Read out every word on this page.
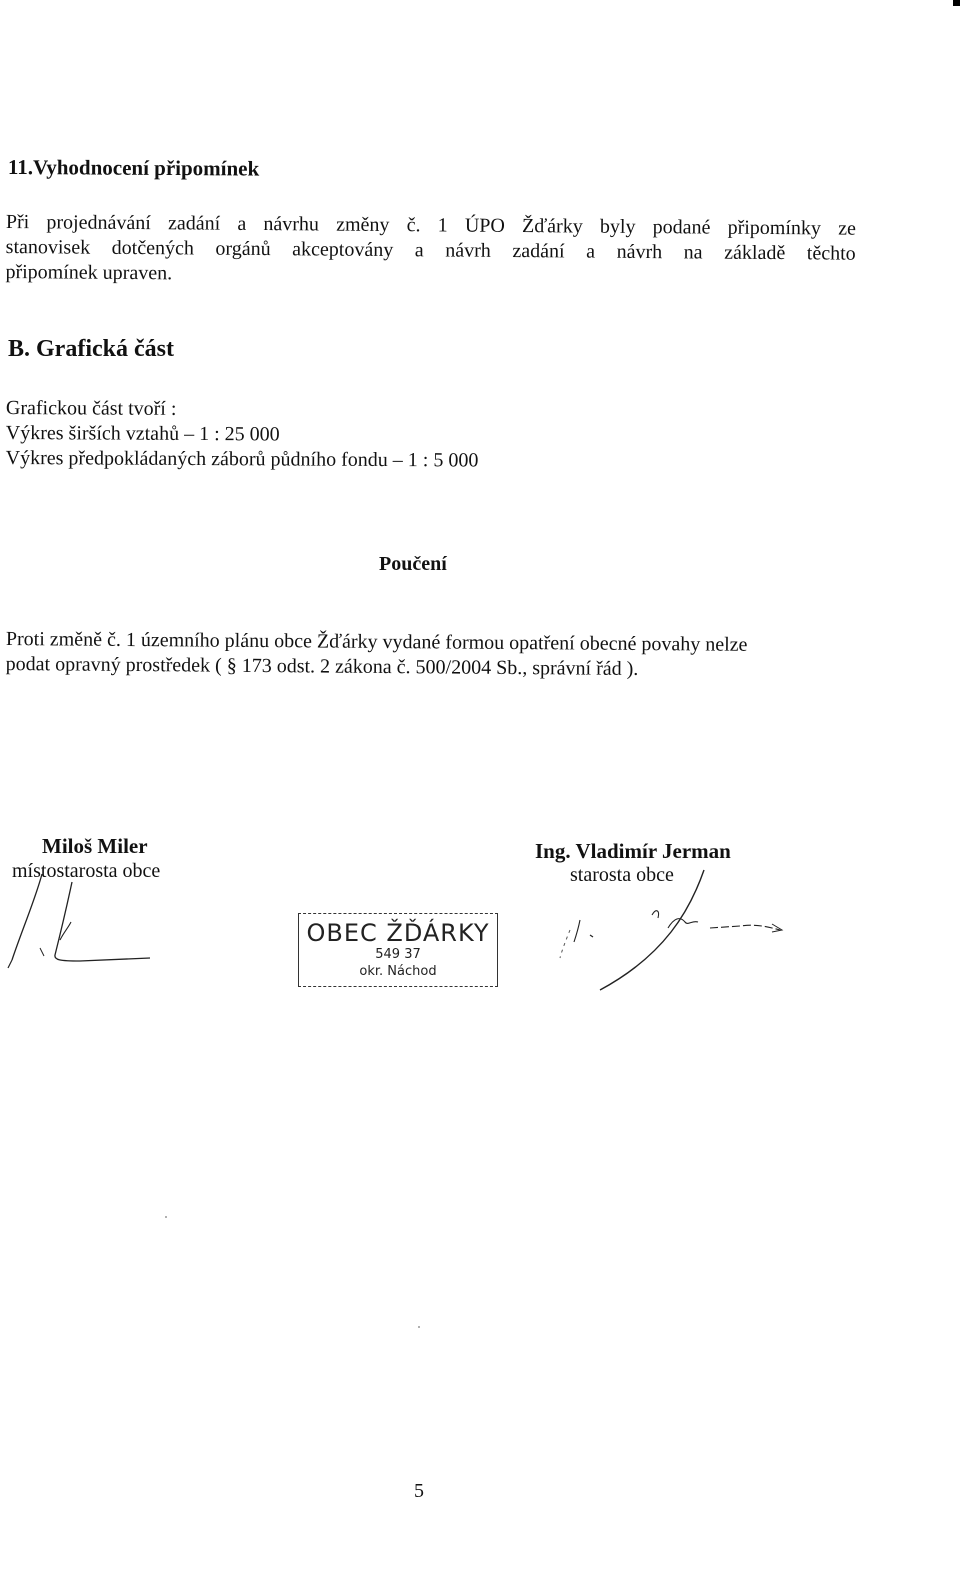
11.Vyhodnocení připomínek
Při projednávání zadání a návrhu změny č. 1 ÚPO Žďárky byly podané připomínky ze
stanovisek dotčených orgánů akceptovány a návrh zadání a návrh na základě těchto
připomínek upraven.
B. Grafická část
Grafickou část tvoří :
Výkres širších vztahů – 1 : 25 000
Výkres předpokládaných záborů půdního fondu – 1 : 5 000
Poučení
Proti změně č. 1 územního plánu obce Žďárky vydané formou opatření obecné povahy nelze
podat opravný prostředek ( § 173 odst. 2 zákona č. 500/2004 Sb., správní řád ).
Miloš Miler
místostarosta obce
Ing. Vladimír Jerman
starosta obce
OBEC ŽĎÁRKY
549 37
okr. Náchod
5
